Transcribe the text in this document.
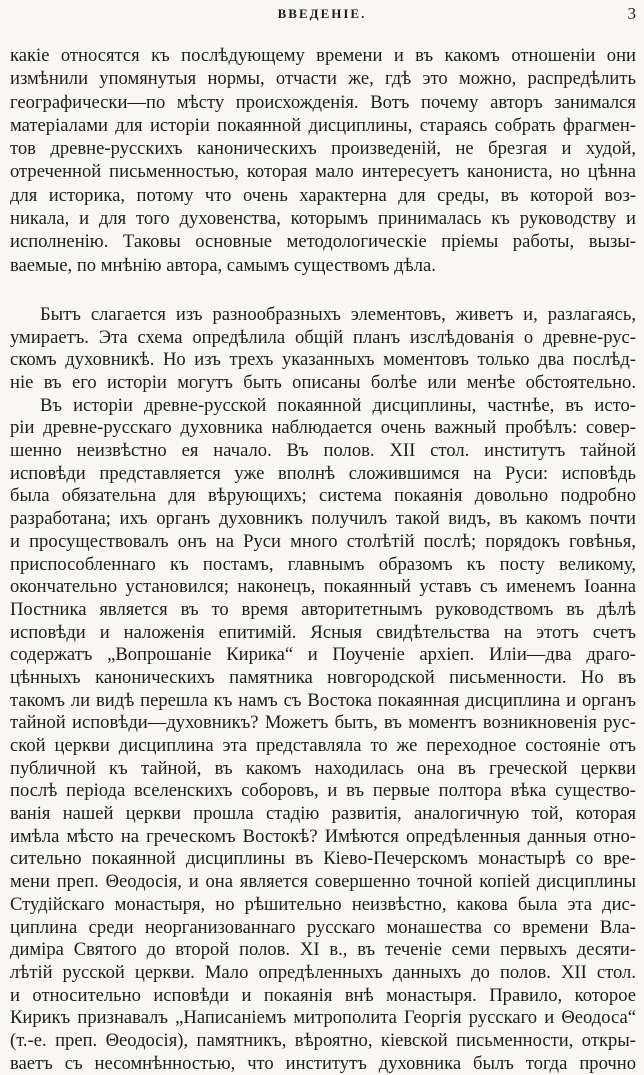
ВВЕДЕНІЕ.	3
какіе относятся къ послѣдующему времени и въ какомъ отношеніи они
измѣнили упомянутыя нормы, отчасти же, гдѣ это можно, распредѣлить
географически—по мѣсту происхожденія. Вотъ почему авторъ занимался
матеріалами для исторіи покаянной дисциплины, стараясь собрать фрагмен-
тов древне-русскихъ каноническихъ произведеній, не брезгая и худой,
отреченной письменностью, которая мало интересуетъ канониста, но цѣнна
для историка, потому что очень характерна для среды, въ которой воз-
никала, и для того духовенства, которымъ принималась къ руководству и
исполненію. Таковы основные методологическіе пріемы работы, вызы-
ваемые, по мнѣнію автора, самымъ существомъ дѣла.
Бытъ слагается изъ разнообразныхъ элементовъ, живетъ и, разлагаясь,
умираетъ. Эта схема опредѣлила общій планъ изслѣдованія о древне-рус-
скомъ духовникѣ. Но изъ трехъ указанныхъ моментовъ только два послѣд-
ніе въ его исторіи могутъ быть описаны болѣе или менѣе обстоятельно.
Въ исторіи древне-русской покаянной дисциплины, частнѣе, въ исто-
ріи древне-русскаго духовника наблюдается очень важный пробѣлъ: совер-
шенно неизвѣстно ея начало. Въ полов. XII стол. институтъ тайной
исповѣди представляется уже вполнѣ сложившимся на Руси: исповѣдь
была обязательна для вѣрующихъ; система покаянія довольно подробно
разработана; ихъ органъ духовникъ получилъ такой видъ, въ какомъ почти
и просуществовалъ онъ на Руси много столѣтій послѣ; порядокъ говѣнья,
приспособленнаго къ постамъ, главнымъ образомъ къ посту великому,
окончательно установился; наконецъ, покаянный уставъ съ именемъ Іоанна
Постника является въ то время авторитетнымъ руководствомъ въ дѣлѣ
исповѣди и наложенія епитимій. Ясныя свидѣтельства на этотъ счетъ
содержатъ „Вопрошаніе Кирика“ и Поученіе архіеп. Иліи—два драго-
цѣнныхъ каноническихъ памятника новгородской письменности. Но въ
такомъ ли видѣ перешла къ намъ съ Востока покаянная дисциплина и органъ
тайной исповѣди—духовникъ? Можетъ быть, въ моментъ возникновенія рус-
ской церкви дисциплина эта представляла то же переходное состояніе отъ
публичной къ тайной, въ какомъ находилась она въ греческой церкви
послѣ періода вселенскихъ соборовъ, и въ первые полтора вѣка существо-
ванія нашей церкви прошла стадію развитія, аналогичную той, которая
имѣла мѣсто на греческомъ Востокѣ? Имѣются опредѣленныя данныя отно-
сительно покаянной дисциплины въ Кіево-Печерскомъ монастырѣ со вре-
мени преп. Θеодосія, и она является совершенно точной копіей дисциплины
Студійскаго монастыря, но рѣшительно неизвѣстно, какова была эта дис-
циплина среди неорганизованнаго русскаго монашества со времени Вла-
диміра Святого до второй полов. XI в., въ теченіе семи первыхъ десяти-
лѣтій русской церкви. Мало опредѣленныхъ данныхъ до полов. XII стол.
и относительно исповѣди и покаянія внѣ монастыря. Правило, которое
Кирикъ признавалъ „Написаніемъ митрополита Георгія русскаго и Θеодоса“
(т.-е. преп. Θеодосія), памятникъ, вѣроятно, кіевской письменности, откры-
ваетъ съ несомнѣнностью, что институтъ духовника былъ тогда прочно
